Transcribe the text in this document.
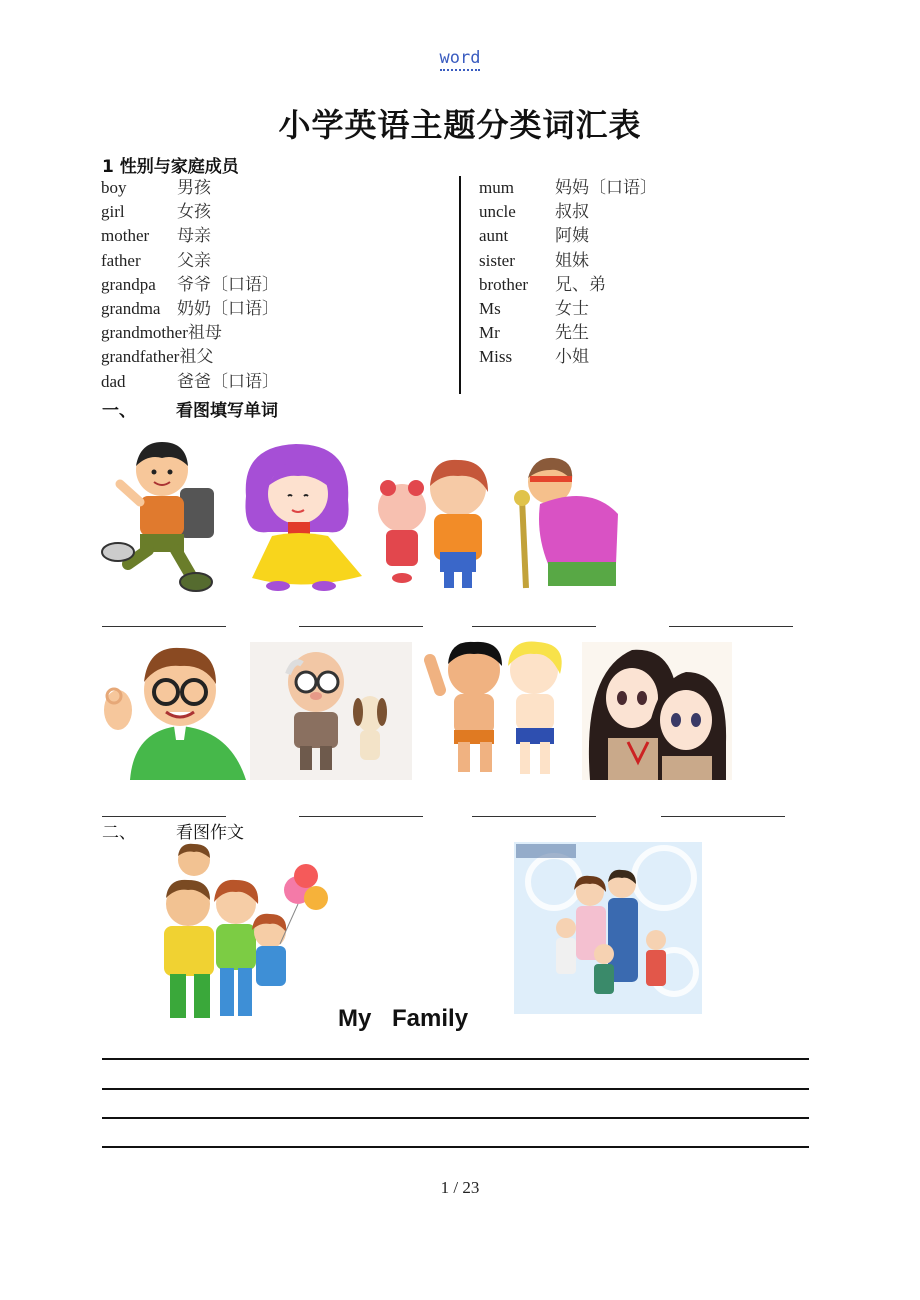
word
小学英语主题分类词汇表
1 性别与家庭成员
boy	男孩
girl	女孩
mother 母亲
father 父亲
grandpa 爷爷〔口语〕
grandma 奶奶〔口语〕
grandmother祖母
grandfather祖父
dad	爸爸〔口语〕
mum 妈妈〔口语〕
uncle 叔叔
aunt	阿姨
sister 姐妹
brother 兄、弟
Ms	女士
Mr	先生
Miss	小姐
一、 看图填写单词
二、 看图作文
My Family
1 / 23
